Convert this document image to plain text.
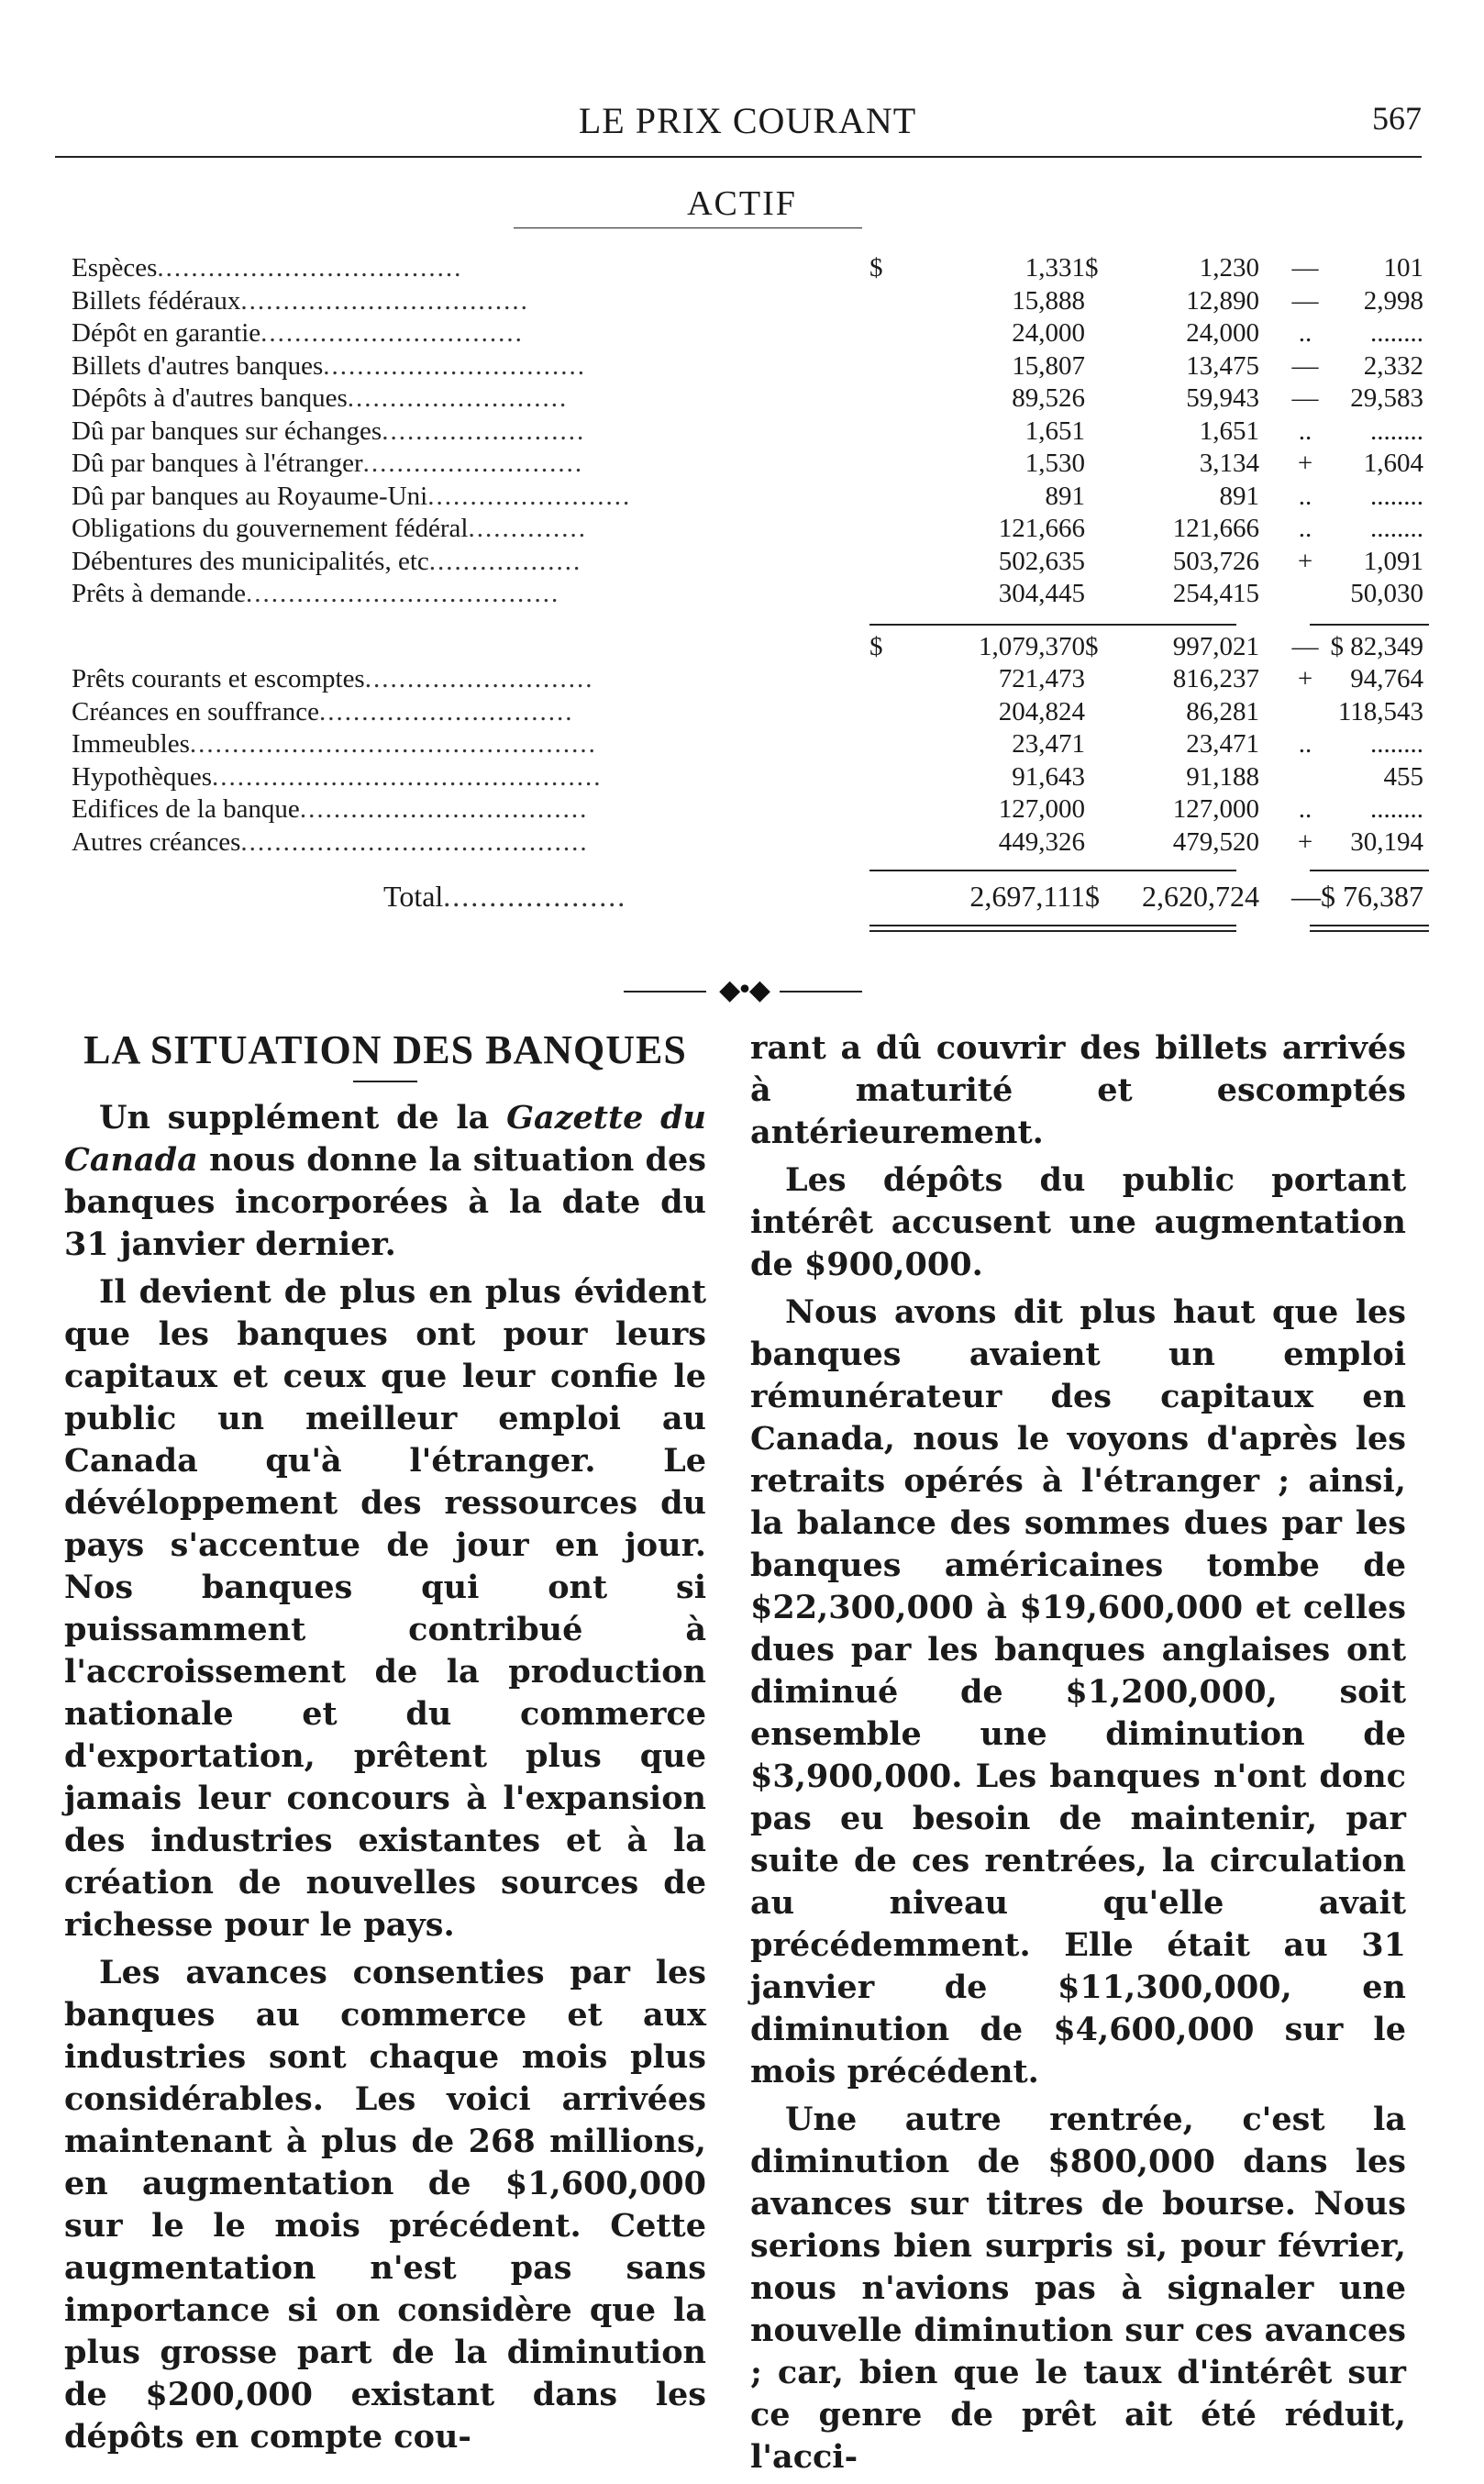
LE PRIX COURANT	567
ACTIF
Espèces....................................	$	1,331 $	1,230 —	101
Billets fédéraux..................................	15,888	12,890 —	2,998
Dépôt en garantie...............................	24,000	24,000 ..	........
Billets d'autres banques...............................	15,807	13,475 —	2,332
Dépôts à d'autres banques..........................	89,526	59,943 —	29,583
Dû par banques sur échanges........................	1,651	1,651 ..	........
Dû par banques à l'étranger..........................	1,530	3,134 +	1,604
Dû par banques au Royaume-Uni........................	891	891 ..	........
Obligations du gouvernement fédéral..............	121,666	121,666 ..	........
Débentures des municipalités, etc..................	502,635	503,726 +	1,091
Prêts à demande.....................................	304,445	254,415	50,030
$	1,079,370 $	997,021 — $ 82,349
Prêts courants et escomptes...........................	721,473	816,237 +	94,764
Créances en souffrance..............................	204,824	86,281	118,543
Immeubles................................................	23,471	23,471 ..	........
Hypothèques..............................................	91,643	91,188	455
Edifices de la banque..................................	127,000	127,000 ..	........
Autres créances.........................................	449,326	479,520 +	30,194
Total....................	2,697,111 $	2,620,724 — $ 76,387
◆•◆
LA SITUATION DES BANQUES

Un supplément de la Gazette du Canada nous donne la situation des banques incorporées à la date du 31 janvier dernier.

Il devient de plus en plus évident que les banques ont pour leurs capitaux et ceux que leur confie le public un meilleur emploi au Canada qu'à l'étranger. Le dévéloppement des ressources du pays s'accentue de jour en jour. Nos banques qui ont si puissamment contribué à l'accroissement de la production nationale et du commerce d'exportation, prêtent plus que jamais leur concours à l'expansion des industries existantes et à la création de nouvelles sources de richesse pour le pays.

Les avances consenties par les banques au commerce et aux industries sont chaque mois plus considérables. Les voici arrivées maintenant à plus de 268 millions, en augmentation de $1,600,000 sur le le mois précédent. Cette augmentation n'est pas sans importance si on considère que la plus grosse part de la diminution de $200,000 existant dans les dépôts en compte cou-

rant a dû couvrir des billets arrivés à maturité et escomptés antérieurement.

Les dépôts du public portant intérêt accusent une augmentation de $900,000.

Nous avons dit plus haut que les banques avaient un emploi rémunérateur des capitaux en Canada, nous le voyons d'après les retraits opérés à l'étranger ; ainsi, la balance des sommes dues par les banques américaines tombe de $22,300,000 à $19,600,000 et celles dues par les banques anglaises ont diminué de $1,200,000, soit ensemble une diminution de $3,900,000. Les banques n'ont donc pas eu besoin de maintenir, par suite de ces rentrées, la circulation au niveau qu'elle avait précédemment. Elle était au 31 janvier de $11,300,000, en diminution de $4,600,000 sur le mois précédent.

Une autre rentrée, c'est la diminution de $800,000 dans les avances sur titres de bourse. Nous serions bien surpris si, pour février, nous n'avions pas à signaler une nouvelle diminution sur ces avances ; car, bien que le taux d'intérêt sur ce genre de prêt ait été réduit, l'acci-
